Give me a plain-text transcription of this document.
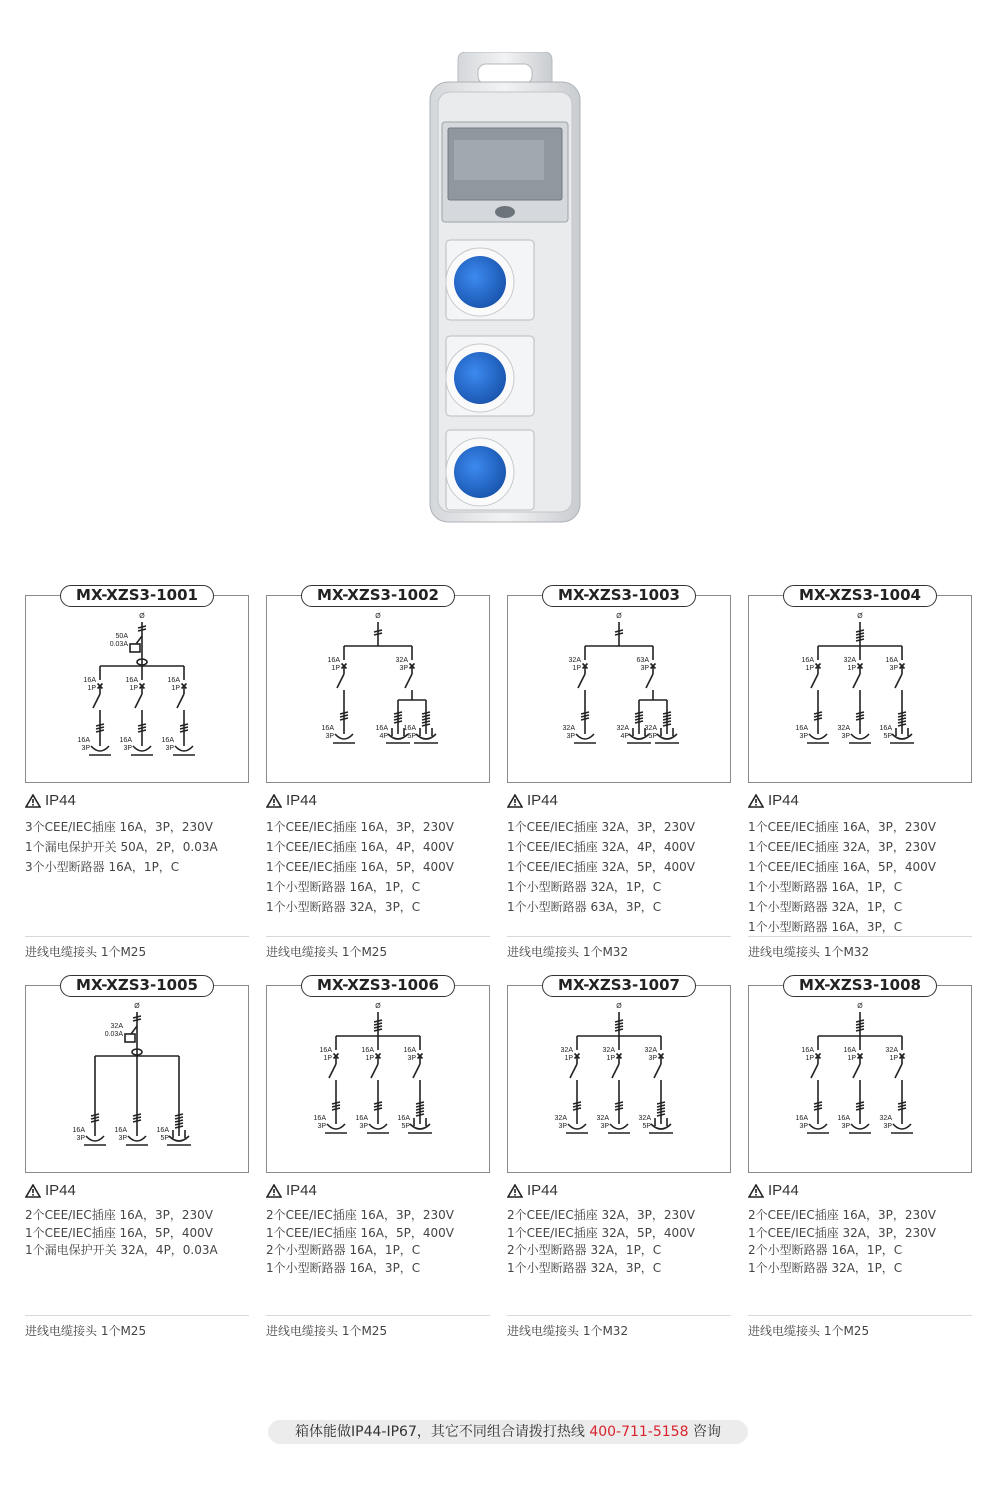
Ø
50A
0.03A
16A
1P
16A
3P
16A
1P
16A
3P
16A
1P
16A
3P
MX-XZS3-1001
IP44
3个CEE/IEC插座 16A，3P，230V
1个漏电保护开关 50A，2P，0.03A
3个小型断路器 16A，1P，C
进线电缆接头 1个M25
Ø
16A
1P
16A
3P
32A
3P
16A
4P
16A
5P
MX-XZS3-1002
IP44
1个CEE/IEC插座 16A，3P，230V
1个CEE/IEC插座 16A，4P，400V
1个CEE/IEC插座 16A，5P，400V
1个小型断路器 16A，1P，C
1个小型断路器 32A，3P，C
进线电缆接头 1个M25
Ø
32A
1P
32A
3P
63A
3P
32A
4P
32A
5P
MX-XZS3-1003
IP44
1个CEE/IEC插座 32A，3P，230V
1个CEE/IEC插座 32A，4P，400V
1个CEE/IEC插座 32A，5P，400V
1个小型断路器 32A，1P，C
1个小型断路器 63A，3P，C
进线电缆接头 1个M32
Ø
16A
1P
16A
3P
32A
1P
32A
3P
16A
3P
16A
5P
MX-XZS3-1004
IP44
1个CEE/IEC插座 16A，3P，230V
1个CEE/IEC插座 32A，3P，230V
1个CEE/IEC插座 16A，5P，400V
1个小型断路器 16A，1P，C
1个小型断路器 32A，1P，C
1个小型断路器 16A，3P，C
进线电缆接头 1个M32
Ø
32A
0.03A
16A
3P
16A
3P
16A
5P
MX-XZS3-1005
IP44
2个CEE/IEC插座 16A，3P，230V
1个CEE/IEC插座 16A，5P，400V
1个漏电保护开关 32A，4P，0.03A
进线电缆接头 1个M25
Ø
16A
1P
16A
3P
16A
1P
16A
3P
16A
3P
16A
5P
MX-XZS3-1006
IP44
2个CEE/IEC插座 16A，3P，230V
1个CEE/IEC插座 16A，5P，400V
2个小型断路器 16A，1P，C
1个小型断路器 16A，3P，C
进线电缆接头 1个M25
Ø
32A
1P
32A
3P
32A
1P
32A
3P
32A
3P
32A
5P
MX-XZS3-1007
IP44
2个CEE/IEC插座 32A，3P，230V
1个CEE/IEC插座 32A，5P，400V
2个小型断路器 32A，1P，C
1个小型断路器 32A，3P，C
进线电缆接头 1个M32
Ø
16A
1P
16A
3P
16A
1P
16A
3P
32A
1P
32A
3P
MX-XZS3-1008
IP44
2个CEE/IEC插座 16A，3P，230V
1个CEE/IEC插座 32A，3P，230V
2个小型断路器 16A，1P，C
1个小型断路器 32A，1P，C
进线电缆接头 1个M25
箱体能做IP44-IP67，其它不同组合请拨打热线 400-711-5158 咨询
